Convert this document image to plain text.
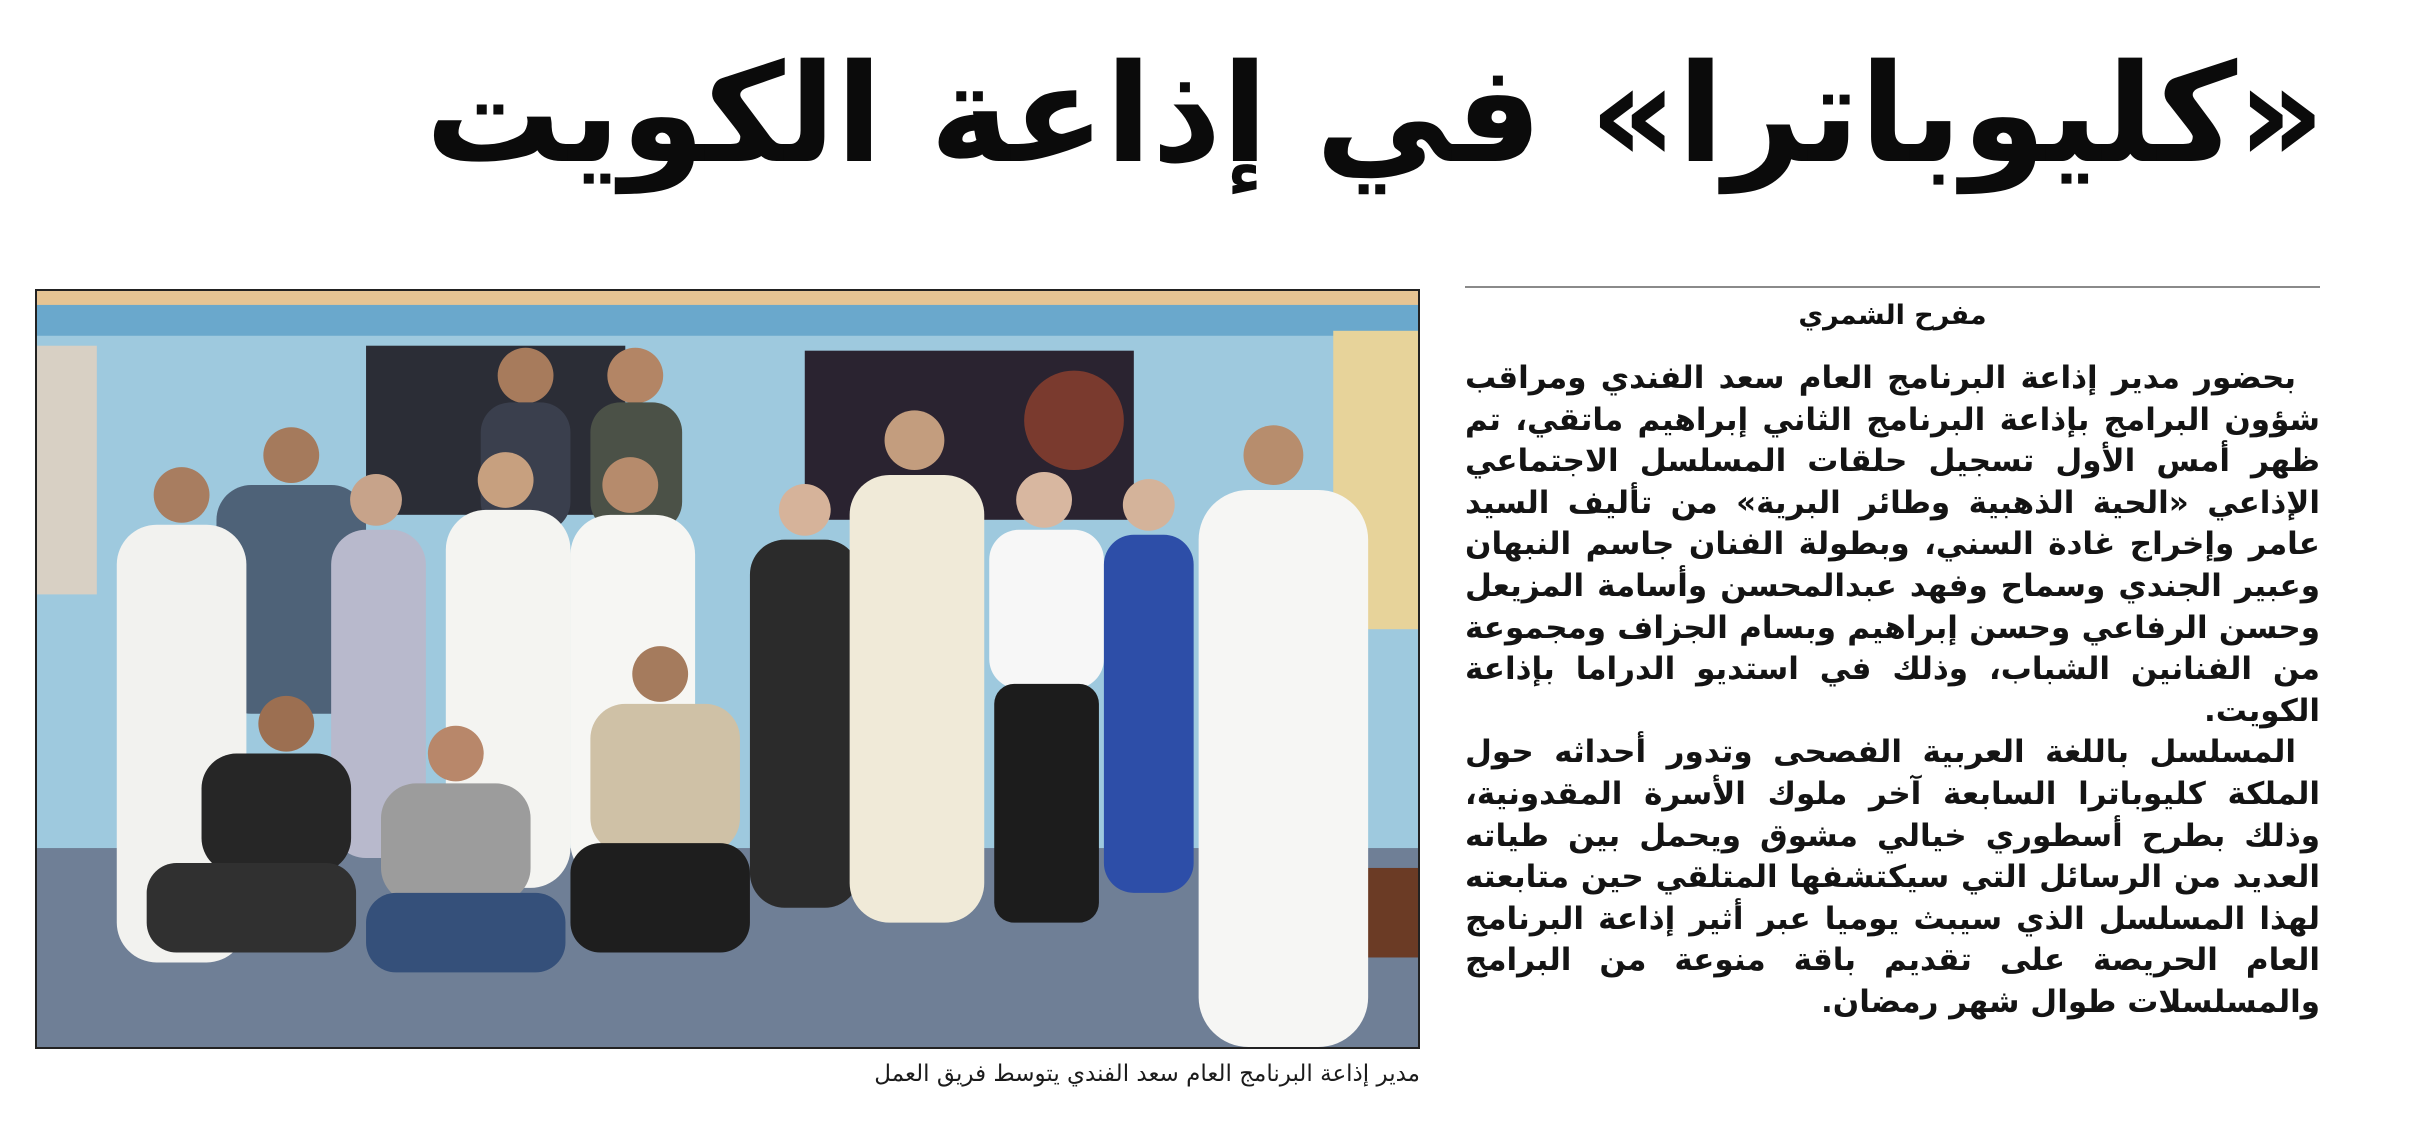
«كليوباترا» في إذاعة الكويت
مدير إذاعة البرنامج العام سعد الفندي يتوسط فريق العمل
مفرح الشمري

بحضور مدير إذاعة البرنامج العام سعد الفندي ومراقب شؤون البرامج بإذاعة البرنامج الثاني إبراهيم ماتقي، تم ظهر أمس الأول تسجيل حلقات المسلسل الاجتماعي الإذاعي «الحية الذهبية وطائر البرية» من تأليف السيد عامر وإخراج غادة السني، وبطولة الفنان جاسم النبهان وعبير الجندي وسماح وفهد عبدالمحسن وأسامة المزيعل وحسن الرفاعي وحسن إبراهيم وبسام الجزاف ومجموعة من الفنانين الشباب، وذلك في استديو الدراما بإذاعة الكويت.

المسلسل باللغة العربية الفصحى وتدور أحداثه حول الملكة كليوباترا السابعة آخر ملوك الأسرة المقدونية، وذلك بطرح أسطوري خيالي مشوق ويحمل بين طياته العديد من الرسائل التي سيكتشفها المتلقي حين متابعته لهذا المسلسل الذي سيبث يوميا عبر أثير إذاعة البرنامج العام الحريصة على تقديم باقة منوعة من البرامج والمسلسلات طوال شهر رمضان.
